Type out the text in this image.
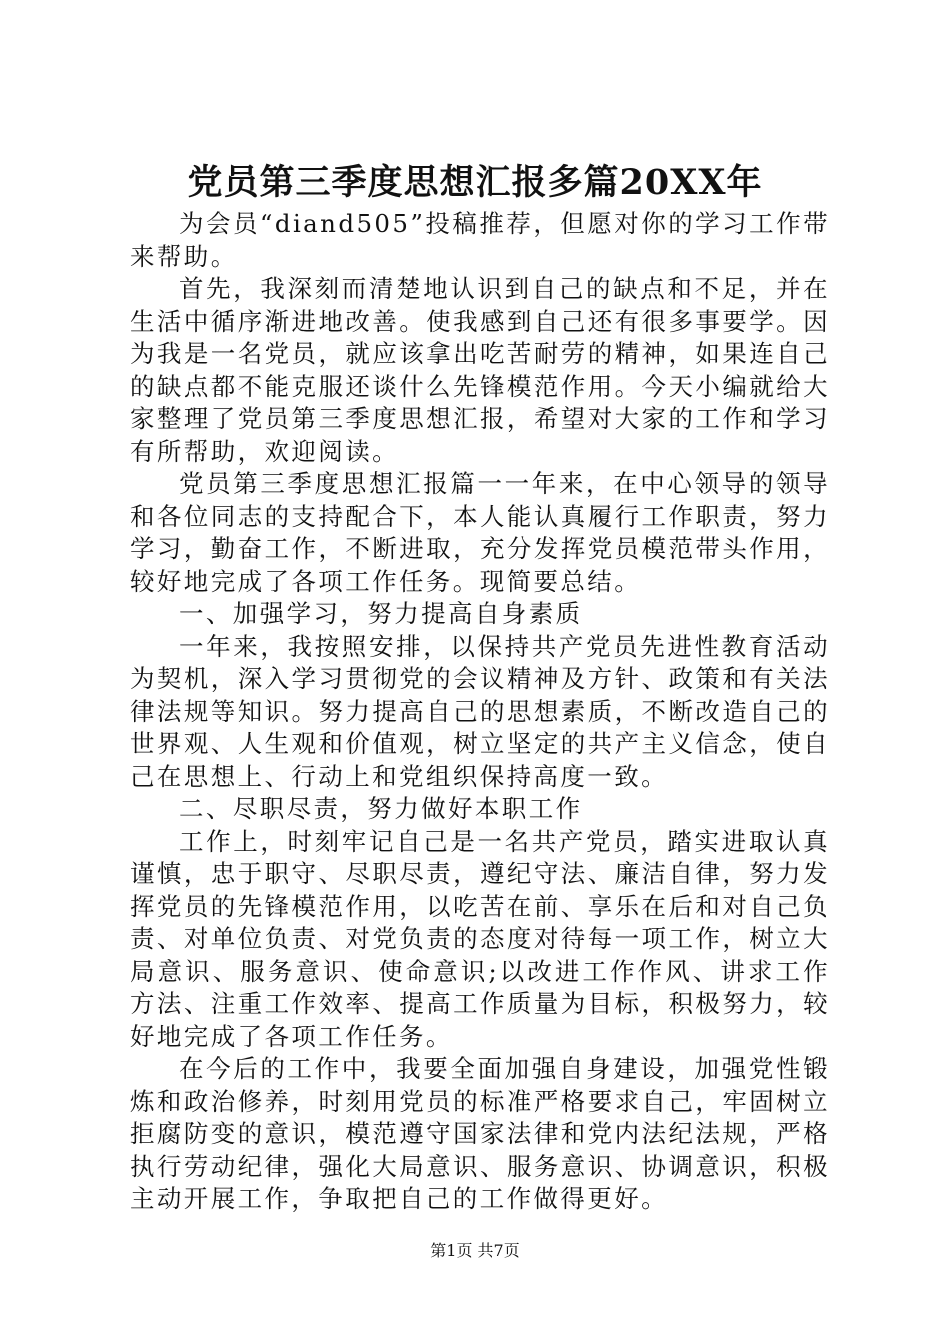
党员第三季度思想汇报多篇20XX年

为会员“diand505”投稿推荐，但愿对你的学习工作带来帮助。

首先，我深刻而清楚地认识到自己的缺点和不足，并在生活中循序渐进地改善。使我感到自己还有很多事要学。因为我是一名党员，就应该拿出吃苦耐劳的精神，如果连自己的缺点都不能克服还谈什么先锋模范作用。今天小编就给大家整理了党员第三季度思想汇报，希望对大家的工作和学习有所帮助，欢迎阅读。

党员第三季度思想汇报篇一一年来，在中心领导的领导和各位同志的支持配合下，本人能认真履行工作职责，努力学习，勤奋工作，不断进取，充分发挥党员模范带头作用，较好地完成了各项工作任务。现简要总结。

一、加强学习，努力提高自身素质

一年来，我按照安排，以保持共产党员先进性教育活动为契机，深入学习贯彻党的会议精神及方针、政策和有关法律法规等知识。努力提高自己的思想素质，不断改造自己的世界观、人生观和价值观，树立坚定的共产主义信念，使自己在思想上、行动上和党组织保持高度一致。

二、尽职尽责，努力做好本职工作

工作上，时刻牢记自己是一名共产党员，踏实进取认真谨慎，忠于职守、尽职尽责，遵纪守法、廉洁自律，努力发挥党员的先锋模范作用，以吃苦在前、享乐在后和对自己负责、对单位负责、对党负责的态度对待每一项工作，树立大局意识、服务意识、使命意识;以改进工作作风、讲求工作方法、注重工作效率、提高工作质量为目标，积极努力，较好地完成了各项工作任务。

在今后的工作中，我要全面加强自身建设，加强党性锻炼和政治修养，时刻用党员的标准严格要求自己，牢固树立拒腐防变的意识，模范遵守国家法律和党内法纪法规，严格执行劳动纪律，强化大局意识、服务意识、协调意识，积极主动开展工作，争取把自己的工作做得更好。

第1页 共7页
